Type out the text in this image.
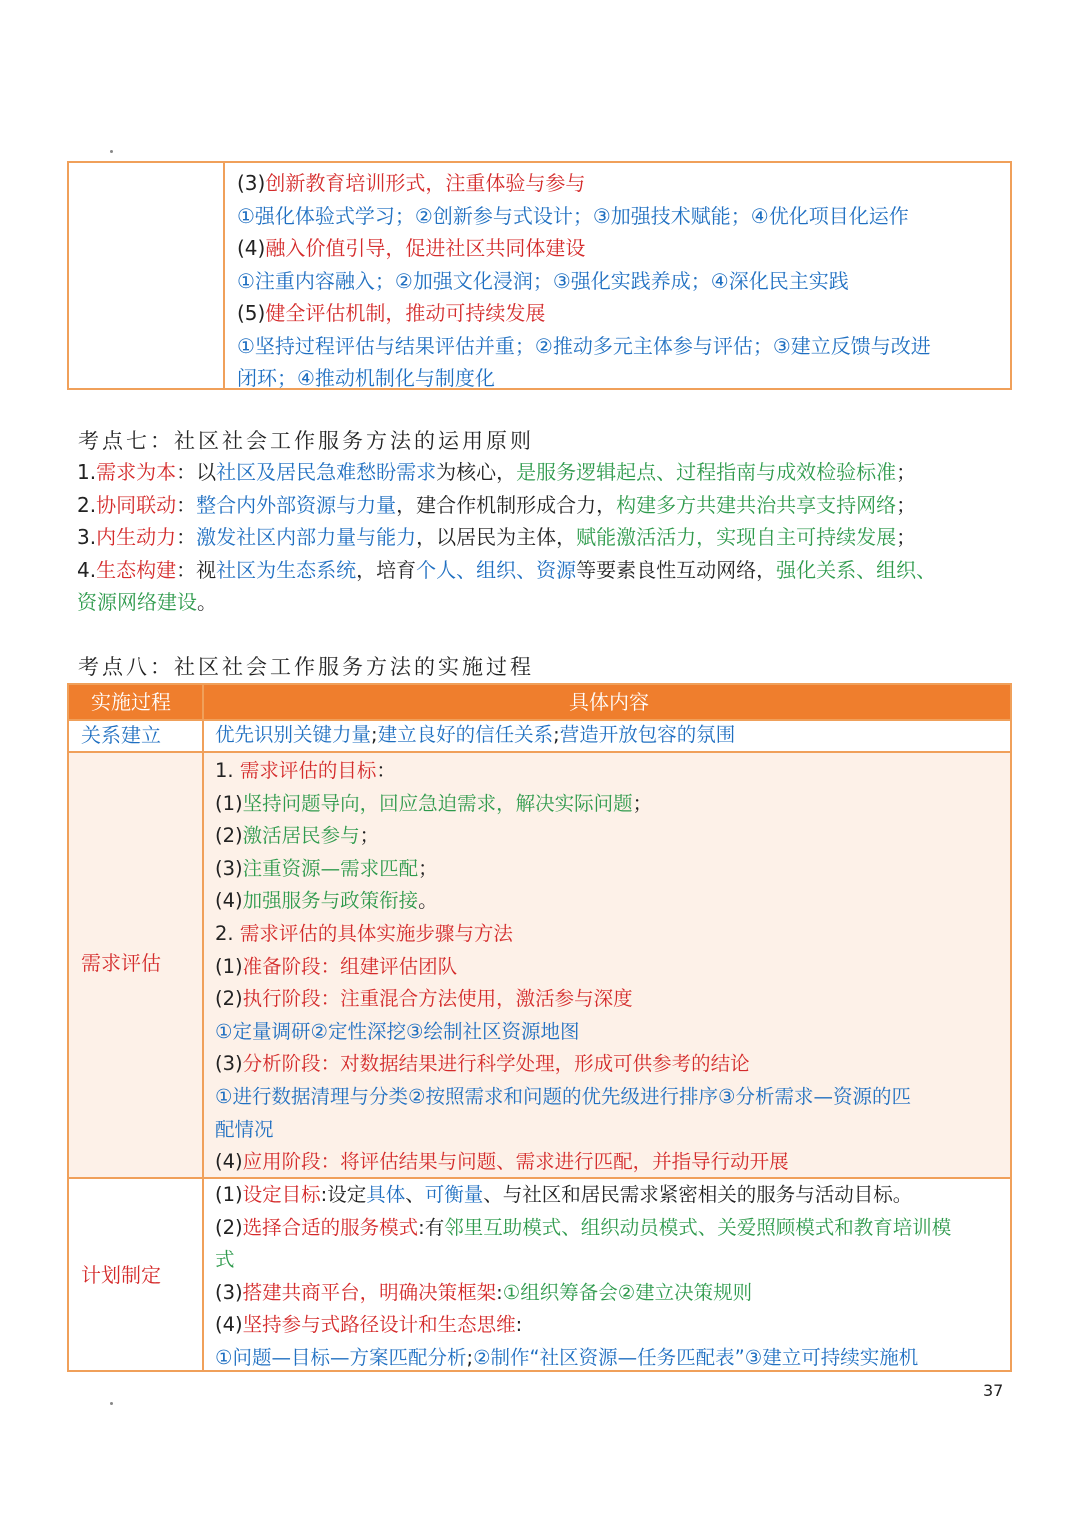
(3)创新教育培训形式，注重体验与参与
①强化体验式学习；②创新参与式设计；③加强技术赋能；④优化项目化运作
(4)融入价值引导，促进社区共同体建设
①注重内容融入；②加强文化浸润；③强化实践养成；④深化民主实践
(5)健全评估机制，推动可持续发展
①坚持过程评估与结果评估并重；②推动多元主体参与评估；③建立反馈与改进
闭环；④推动机制化与制度化
考点七：社区社会工作服务方法的运用原则
1.需求为本：以社区及居民急难愁盼需求为核心，是服务逻辑起点、过程指南与成效检验标准；
2.协同联动：整合内外部资源与力量，建合作机制形成合力，构建多方共建共治共享支持网络；
3.内生动力：激发社区内部力量与能力，以居民为主体，赋能激活活力，实现自主可持续发展；
4.生态构建：视社区为生态系统，培育个人、组织、资源等要素良性互动网络，强化关系、组织、
资源网络建设。
考点八：社区社会工作服务方法的实施过程
实施过程	具体内容
关系建立	优先识别关键力量;建立良好的信任关系;营造开放包容的氛围
需求评估
1. 需求评估的目标：
(1)坚持问题导向，回应急迫需求，解决实际问题；
(2)激活居民参与；
(3)注重资源—需求匹配；
(4)加强服务与政策衔接。
2. 需求评估的具体实施步骤与方法
(1)准备阶段：组建评估团队
(2)执行阶段：注重混合方法使用，激活参与深度
①定量调研②定性深挖③绘制社区资源地图
(3)分析阶段：对数据结果进行科学处理，形成可供参考的结论
①进行数据清理与分类②按照需求和问题的优先级进行排序③分析需求—资源的匹
配情况
(4)应用阶段：将评估结果与问题、需求进行匹配，并指导行动开展
计划制定
(1)设定目标:设定具体、可衡量、与社区和居民需求紧密相关的服务与活动目标。
(2)选择合适的服务模式:有邻里互助模式、组织动员模式、关爱照顾模式和教育培训模
式
(3)搭建共商平台，明确决策框架:①组织筹备会②建立决策规则
(4)坚持参与式路径设计和生态思维:
①问题—目标—方案匹配分析;②制作“社区资源—任务匹配表”③建立可持续实施机
37
